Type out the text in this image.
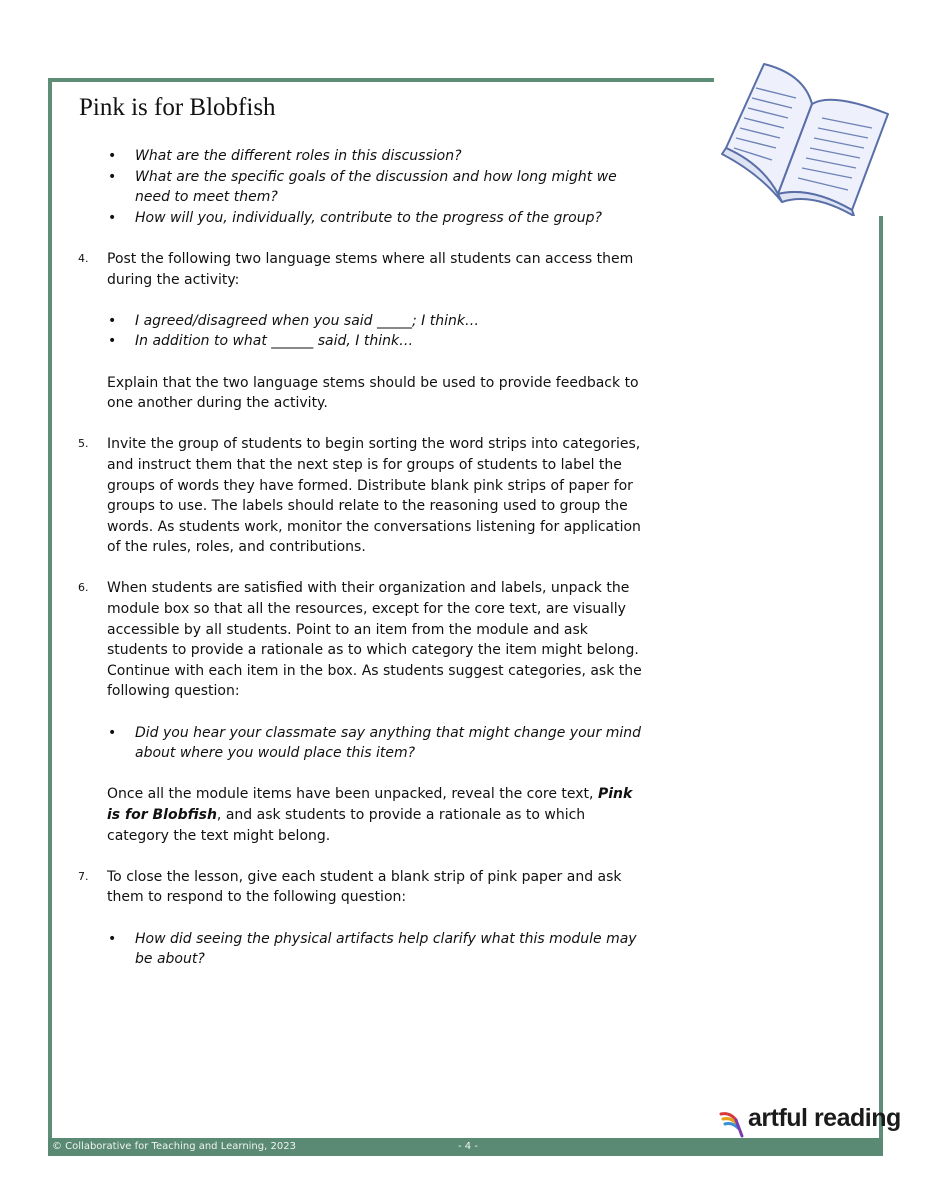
Pink is for Blobfish
• What are the different roles in this discussion?
• What are the specific goals of the discussion and how long might we need to meet them?
• How will you, individually, contribute to the progress of the group?
4. Post the following two language stems where all students can access them during the activity:

• I agreed/disagreed when you said _____; I think…
• In addition to what ______ said, I think…

Explain that the two language stems should be used to provide feedback to one another during the activity.

5. Invite the group of students to begin sorting the word strips into categories, and instruct them that the next step is for groups of students to label the groups of words they have formed. Distribute blank pink strips of paper for groups to use. The labels should relate to the reasoning used to group the words. As students work, monitor the conversations listening for application of the rules, roles, and contributions.

6. When students are satisfied with their organization and labels, unpack the module box so that all the resources, except for the core text, are visually accessible by all students. Point to an item from the module and ask students to provide a rationale as to which category the item might belong. Continue with each item in the box. As students suggest categories, ask the following question:

• Did you hear your classmate say anything that might change your mind about where you would place this item?

Once all the module items have been unpacked, reveal the core text, Pink is for Blobfish, and ask students to provide a rationale as to which category the text might belong.

7. To close the lesson, give each student a blank strip of pink paper and ask them to respond to the following question:

• How did seeing the physical artifacts help clarify what this module may be about?
artful reading
© Collaborative for Teaching and Learning, 2023	- 4 -
